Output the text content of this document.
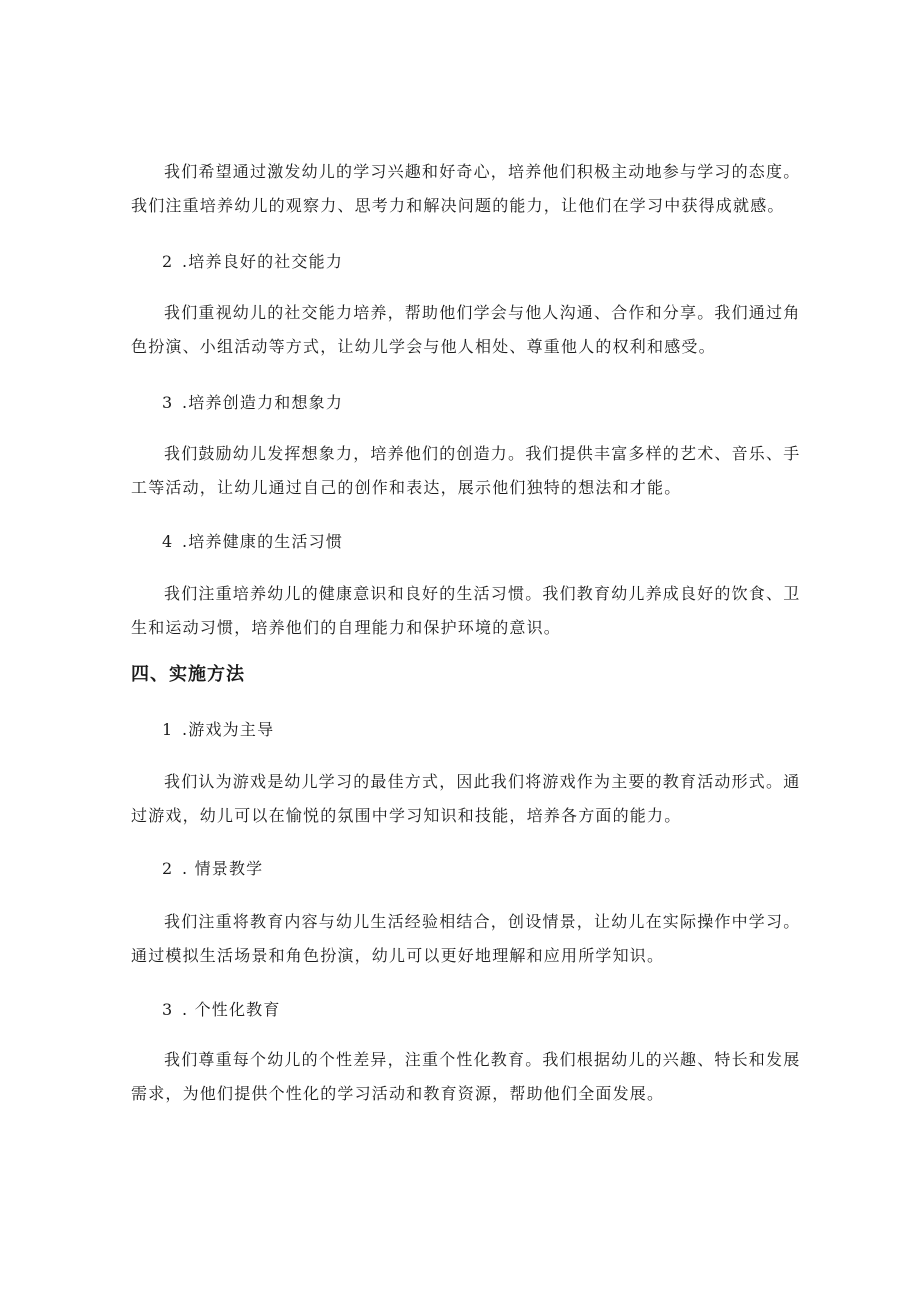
我们希望通过激发幼儿的学习兴趣和好奇心，培养他们积极主动地参与学习的态度。我们注重培养幼儿的观察力、思考力和解决问题的能力，让他们在学习中获得成就感。

2 .培养良好的社交能力

我们重视幼儿的社交能力培养，帮助他们学会与他人沟通、合作和分享。我们通过角色扮演、小组活动等方式，让幼儿学会与他人相处、尊重他人的权利和感受。

3 .培养创造力和想象力

我们鼓励幼儿发挥想象力，培养他们的创造力。我们提供丰富多样的艺术、音乐、手工等活动，让幼儿通过自己的创作和表达，展示他们独特的想法和才能。

4 .培养健康的生活习惯

我们注重培养幼儿的健康意识和良好的生活习惯。我们教育幼儿养成良好的饮食、卫生和运动习惯，培养他们的自理能力和保护环境的意识。

四、实施方法

1 .游戏为主导

我们认为游戏是幼儿学习的最佳方式，因此我们将游戏作为主要的教育活动形式。通过游戏，幼儿可以在愉悦的氛围中学习知识和技能，培养各方面的能力。

2 . 情景教学

我们注重将教育内容与幼儿生活经验相结合，创设情景，让幼儿在实际操作中学习。通过模拟生活场景和角色扮演，幼儿可以更好地理解和应用所学知识。

3 . 个性化教育

我们尊重每个幼儿的个性差异，注重个性化教育。我们根据幼儿的兴趣、特长和发展需求，为他们提供个性化的学习活动和教育资源，帮助他们全面发展。
